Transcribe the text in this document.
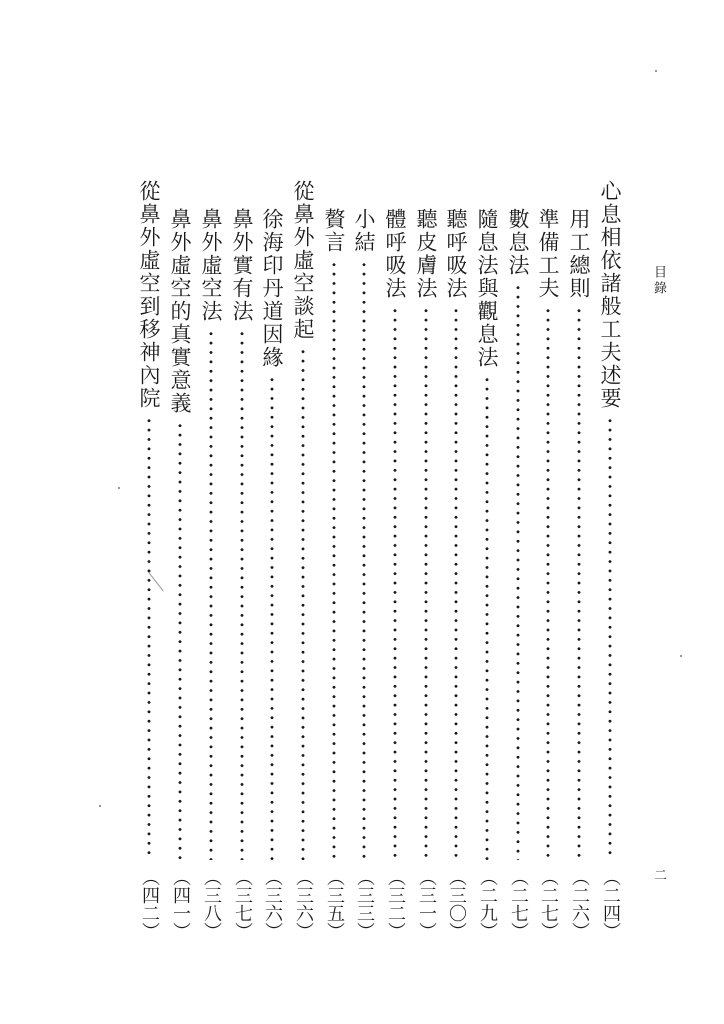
目錄
心息相依諸般工夫述要
（二四）
用工總則
（二六）
準備工夫
（二七）
數息法
（二七）
隨息法與觀息法
（二九）
聽呼吸法
（三〇）
聽皮膚法
（三一）
體呼吸法
（三二）
小結
（三三）
贅言
（三五）
從鼻外虛空談起
（三六）
徐海印丹道因緣
（三六）
鼻外實有法
（三七）
鼻外虛空法
（三八）
鼻外虛空的真實意義
（四一）
從鼻外虛空到移神內院
（四二）	二
